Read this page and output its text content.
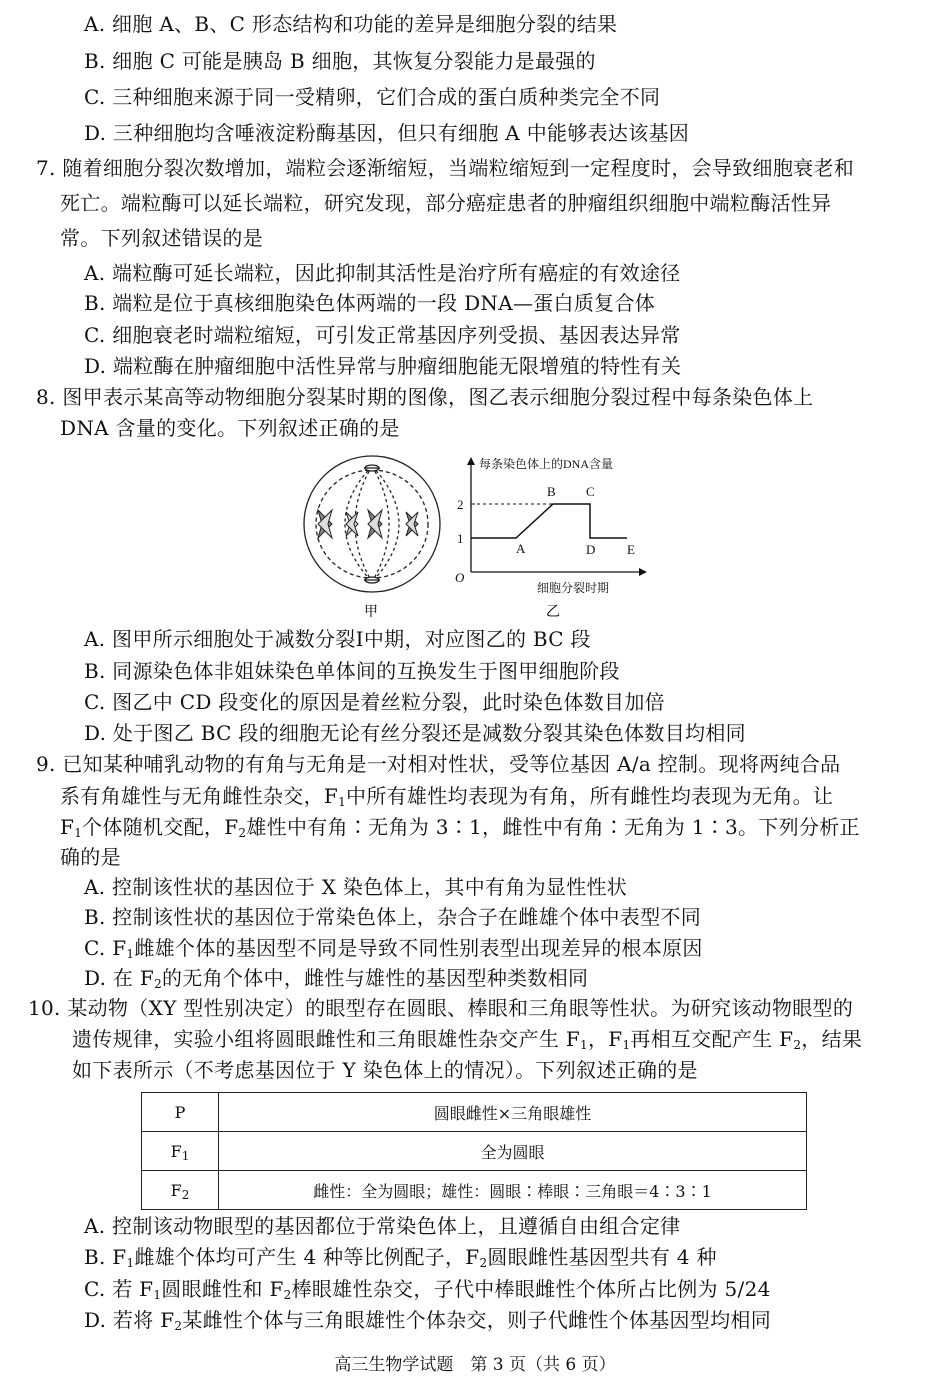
A. 细胞 A、B、C 形态结构和功能的差异是细胞分裂的结果
B. 细胞 C 可能是胰岛 B 细胞，其恢复分裂能力是最强的
C. 三种细胞来源于同一受精卵，它们合成的蛋白质种类完全不同
D. 三种细胞均含唾液淀粉酶基因，但只有细胞 A 中能够表达该基因
7. 随着细胞分裂次数增加，端粒会逐渐缩短，当端粒缩短到一定程度时，会导致细胞衰老和
死亡。端粒酶可以延长端粒，研究发现，部分癌症患者的肿瘤组织细胞中端粒酶活性异
常。下列叙述错误的是
A. 端粒酶可延长端粒，因此抑制其活性是治疗所有癌症的有效途径
B. 端粒是位于真核细胞染色体两端的一段 DNA—蛋白质复合体
C. 细胞衰老时端粒缩短，可引发正常基因序列受损、基因表达异常
D. 端粒酶在肿瘤细胞中活性异常与肿瘤细胞能无限增殖的特性有关
8. 图甲表示某高等动物细胞分裂某时期的图像，图乙表示细胞分裂过程中每条染色体上
DNA 含量的变化。下列叙述正确的是
甲
每条染色体上的DNA含量
细胞分裂时期
O
1
2
A
B C
D E
乙
A. 图甲所示细胞处于减数分裂Ⅰ中期，对应图乙的 BC 段
B. 同源染色体非姐妹染色单体间的互换发生于图甲细胞阶段
C. 图乙中 CD 段变化的原因是着丝粒分裂，此时染色体数目加倍
D. 处于图乙 BC 段的细胞无论有丝分裂还是减数分裂其染色体数目均相同
9. 已知某种哺乳动物的有角与无角是一对相对性状，受等位基因 A/a 控制。现将两纯合品
系有角雄性与无角雌性杂交，$F_1$中所有雄性均表现为有角，所有雌性均表现为无角。让
$F_1$个体随机交配，$F_2$雄性中有角∶无角为 3∶1，雌性中有角∶无角为 1∶3。下列分析正
确的是
A. 控制该性状的基因位于 X 染色体上，其中有角为显性性状
B. 控制该性状的基因位于常染色体上，杂合子在雌雄个体中表型不同
C. $F_1$雌雄个体的基因型不同是导致不同性别表型出现差异的根本原因
D. 在 $F_2$的无角个体中，雌性与雄性的基因型种类数相同
10. 某动物（XY 型性别决定）的眼型存在圆眼、棒眼和三角眼等性状。为研究该动物眼型的
遗传规律，实验小组将圆眼雌性和三角眼雄性杂交产生 $F_1$，$F_1$再相互交配产生 $F_2$，结果
如下表所示（不考虑基因位于 Y 染色体上的情况）。下列叙述正确的是
P	圆眼雌性×三角眼雄性
$F_1$	全为圆眼
$F_2$	雌性：全为圆眼；雄性：圆眼∶棒眼∶三角眼＝4∶3∶1
A. 控制该动物眼型的基因都位于常染色体上，且遵循自由组合定律
B. $F_1$雌雄个体均可产生 4 种等比例配子，$F_2$圆眼雌性基因型共有 4 种
C. 若 $F_1$圆眼雌性和 $F_2$棒眼雄性杂交，子代中棒眼雌性个体所占比例为 5/24
D. 若将 $F_2$某雌性个体与三角眼雄性个体杂交，则子代雌性个体基因型均相同
高三生物学试题　第 3 页（共 6 页）
